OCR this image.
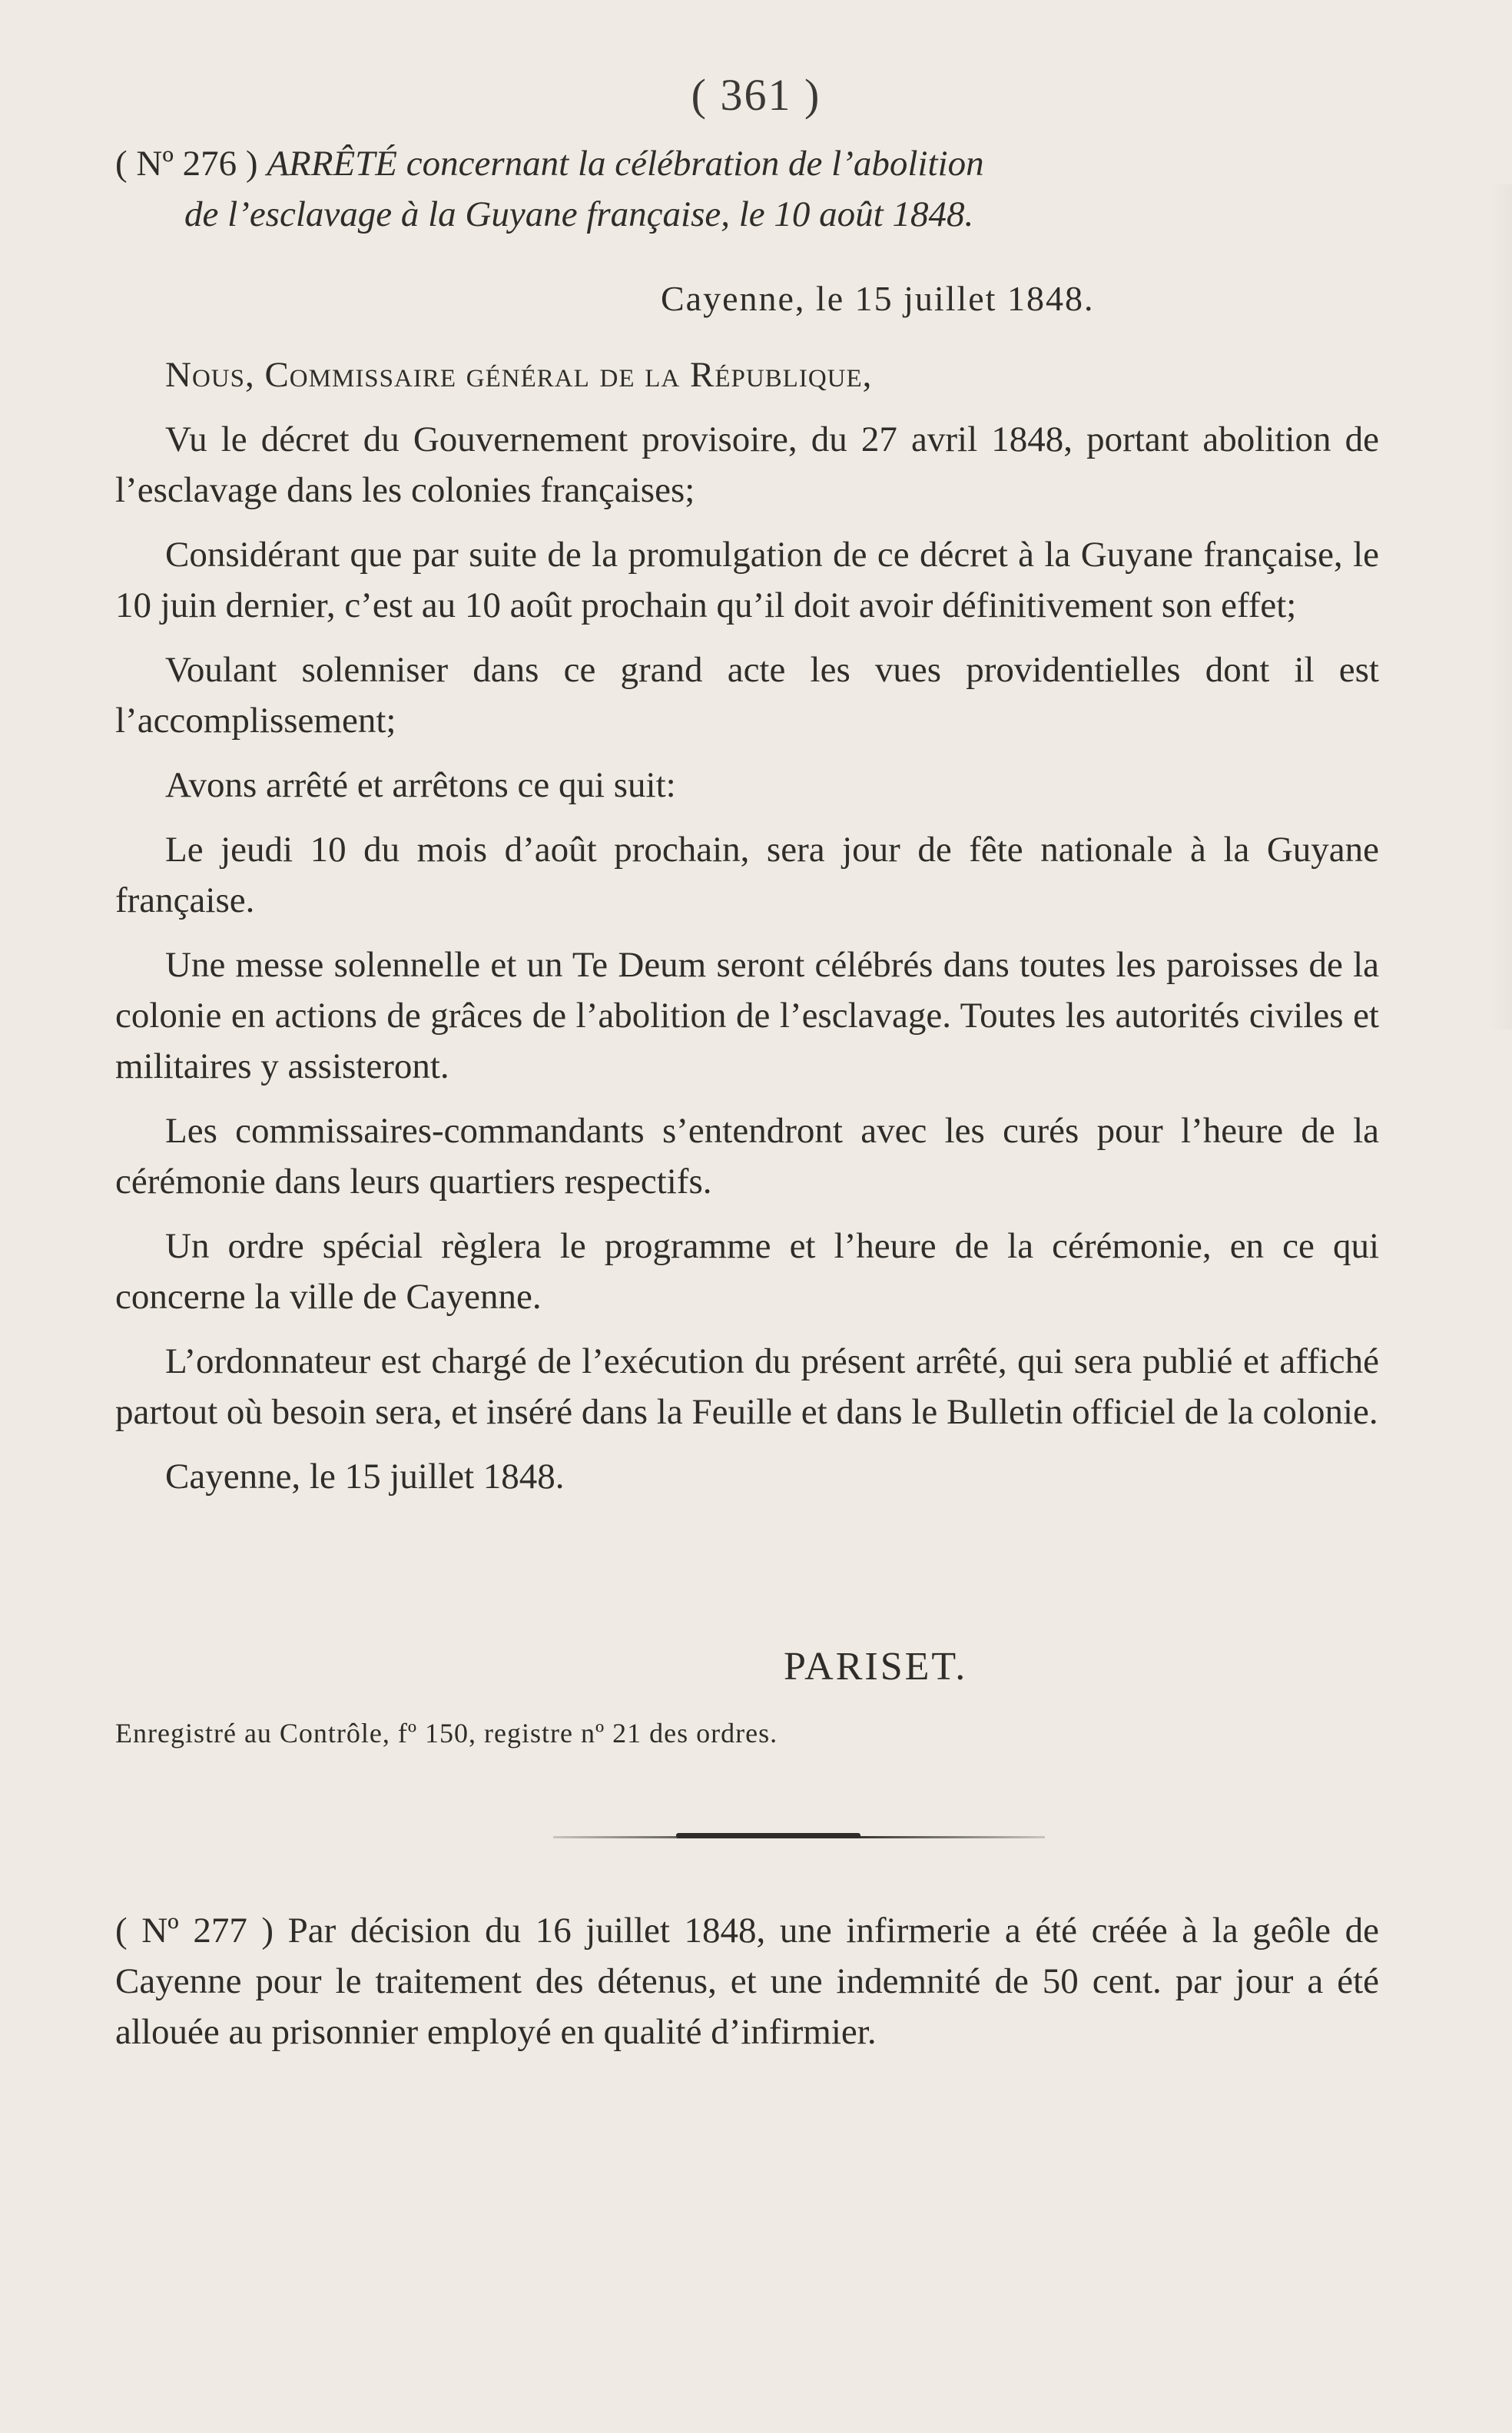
( 361 )
( Nº 276 ) ARRÊTÉ concernant la célébration de l’abolition
de l’esclavage à la Guyane française, le 10 août 1848.
Cayenne, le 15 juillet 1848.

Nous, Commissaire général de la République,

Vu le décret du Gouvernement provisoire, du 27 avril 1848, portant abolition de l’esclavage dans les colonies françaises;

Considérant que par suite de la promulgation de ce décret à la Guyane française, le 10 juin dernier, c’est au 10 août prochain qu’il doit avoir définitivement son effet;

Voulant solenniser dans ce grand acte les vues providentielles dont il est l’accomplissement;

Avons arrêté et arrêtons ce qui suit:

Le jeudi 10 du mois d’août prochain, sera jour de fête nationale à la Guyane française.

Une messe solennelle et un Te Deum seront célébrés dans toutes les paroisses de la colonie en actions de grâces de l’abolition de l’esclavage. Toutes les autorités civiles et militaires y assisteront.

Les commissaires-commandants s’entendront avec les curés pour l’heure de la cérémonie dans leurs quartiers respectifs.

Un ordre spécial règlera le programme et l’heure de la cérémonie, en ce qui concerne la ville de Cayenne.

L’ordonnateur est chargé de l’exécution du présent arrêté, qui sera publié et affiché partout où besoin sera, et inséré dans la Feuille et dans le Bulletin officiel de la colonie.

Cayenne, le 15 juillet 1848.

PARISET.
Enregistré au Contrôle, fº 150, registre nº 21 des ordres.
( Nº 277 ) Par décision du 16 juillet 1848, une infirmerie a été créée à la geôle de Cayenne pour le traitement des détenus, et une indemnité de 50 cent. par jour a été allouée au prisonnier employé en qualité d’infirmier.
